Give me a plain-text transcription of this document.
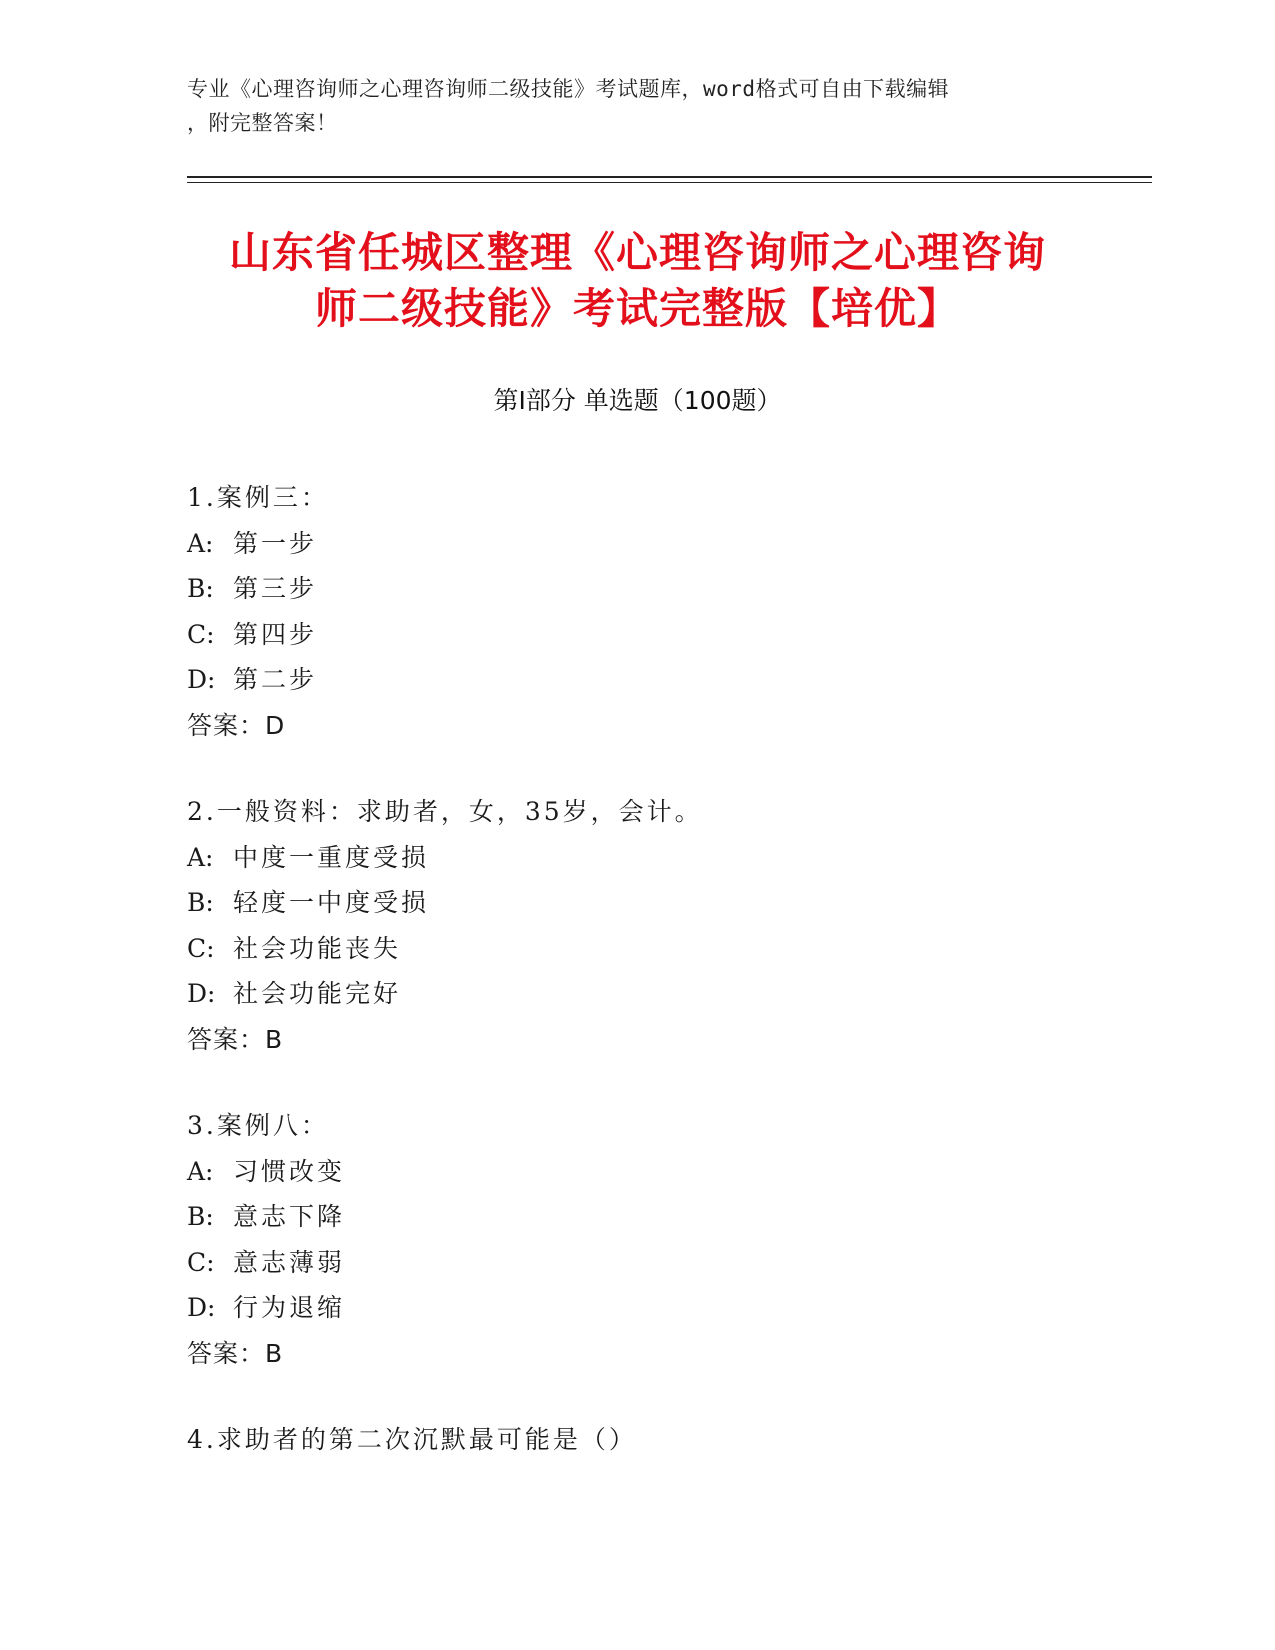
专业《心理咨询师之心理咨询师二级技能》考试题库，word格式可自由下载编辑
，附完整答案！
山东省任城区整理《心理咨询师之心理咨询
师二级技能》考试完整版【培优】
第Ⅰ部分 单选题（100题）
1.案例三：
A: 第一步
B: 第三步
C: 第四步
D: 第二步
答案：D
2.一般资料：求助者，女，35岁，会计。
A: 中度一重度受损
B: 轻度一中度受损
C: 社会功能丧失
D: 社会功能完好
答案：B
3.案例八：
A: 习惯改变
B: 意志下降
C: 意志薄弱
D: 行为退缩
答案：B
4.求助者的第二次沉默最可能是（）
